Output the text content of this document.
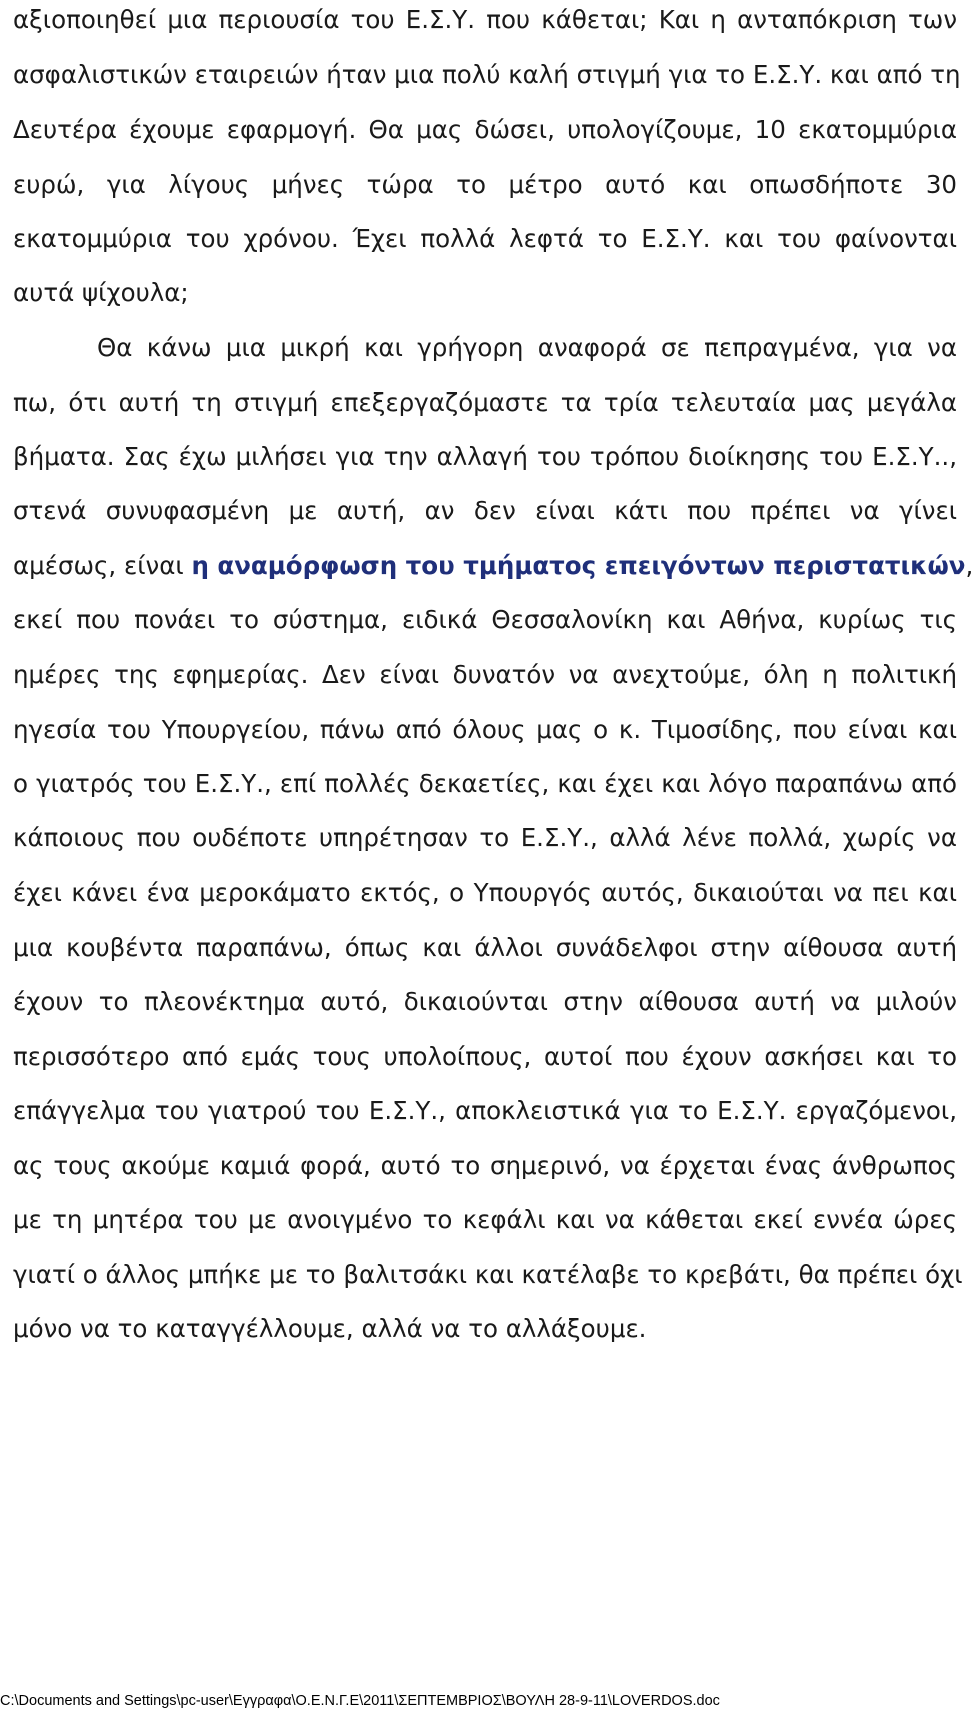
αξιοποιηθεί μια περιουσία του Ε.Σ.Υ. που κάθεται; Και η ανταπόκριση των
ασφαλιστικών εταιρειών ήταν μια πολύ καλή στιγμή για το Ε.Σ.Υ. και από τη
Δευτέρα έχουμε εφαρμογή. Θα μας δώσει, υπολογίζουμε, 10 εκατομμύρια
ευρώ, για λίγους μήνες τώρα το μέτρο αυτό και οπωσδήποτε 30
εκατομμύρια του χρόνου. Έχει πολλά λεφτά το Ε.Σ.Υ. και του φαίνονται
αυτά ψίχουλα;
Θα κάνω μια μικρή και γρήγορη αναφορά σε πεπραγμένα, για να
πω, ότι αυτή τη στιγμή επεξεργαζόμαστε τα τρία τελευταία μας μεγάλα
βήματα. Σας έχω μιλήσει για την αλλαγή του τρόπου διοίκησης του Ε.Σ.Υ..,
στενά συνυφασμένη με αυτή, αν δεν είναι κάτι που πρέπει να γίνει
αμέσως, είναι η αναμόρφωση του τμήματος επειγόντων περιστατικών,
εκεί που πονάει το σύστημα, ειδικά Θεσσαλονίκη και Αθήνα, κυρίως τις
ημέρες της εφημερίας. Δεν είναι δυνατόν να ανεχτούμε, όλη η πολιτική
ηγεσία του Υπουργείου, πάνω από όλους μας ο κ. Τιμοσίδης, που είναι και
ο γιατρός του Ε.Σ.Υ., επί πολλές δεκαετίες, και έχει και λόγο παραπάνω από
κάποιους που ουδέποτε υπηρέτησαν το Ε.Σ.Υ., αλλά λένε πολλά, χωρίς να
έχει κάνει ένα μεροκάματο εκτός, ο Υπουργός αυτός, δικαιούται να πει και
μια κουβέντα παραπάνω, όπως και άλλοι συνάδελφοι στην αίθουσα αυτή
έχουν το πλεονέκτημα αυτό, δικαιούνται στην αίθουσα αυτή να μιλούν
περισσότερο από εμάς τους υπολοίπους, αυτοί που έχουν ασκήσει και το
επάγγελμα του γιατρού του Ε.Σ.Υ., αποκλειστικά για το Ε.Σ.Υ. εργαζόμενοι,
ας τους ακούμε καμιά φορά, αυτό το σημερινό, να έρχεται ένας άνθρωπος
με τη μητέρα του με ανοιγμένο το κεφάλι και να κάθεται εκεί εννέα ώρες
γιατί ο άλλος μπήκε με το βαλιτσάκι και κατέλαβε το κρεβάτι, θα πρέπει όχι
μόνο να το καταγγέλλουμε, αλλά να το αλλάξουμε.
C:\Documents and Settings\pc-user\Εγγραφα\Ο.Ε.Ν.Γ.Ε\2011\ΣΕΠΤΕΜΒΡΙΟΣ\ΒΟΥΛΗ 28-9-11\LOVERDOS.doc
